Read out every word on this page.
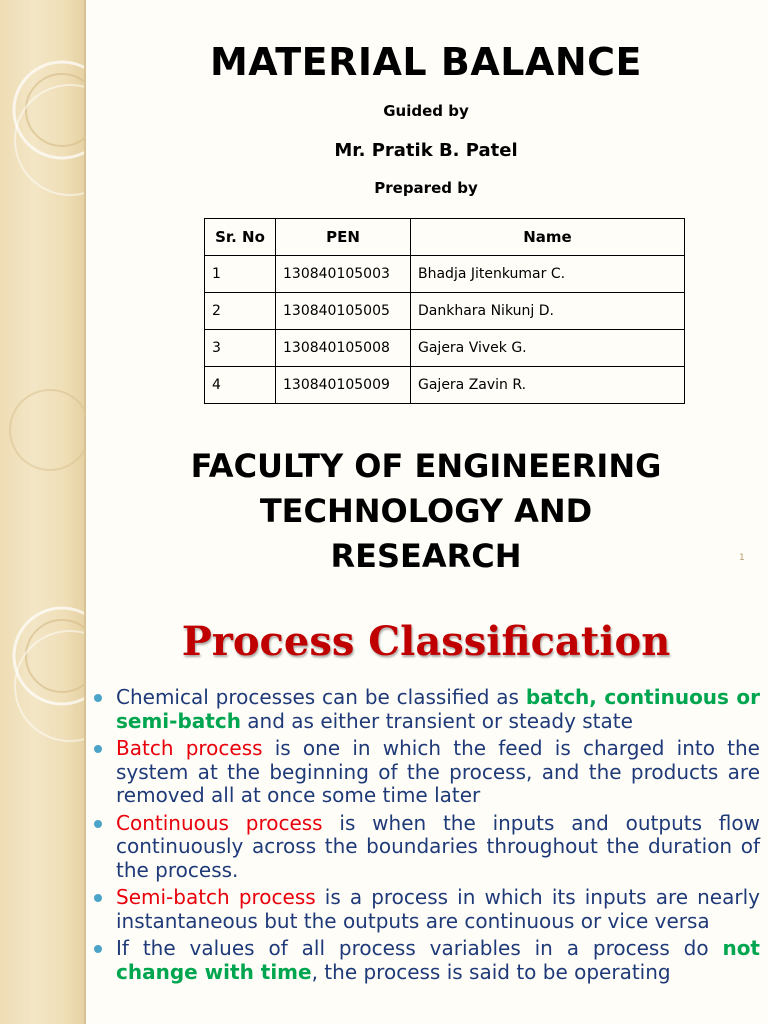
MATERIAL BALANCE
Guided by
Mr. Pratik B. Patel
Prepared by
Sr. No	PEN	Name
1	130840105003	Bhadja Jitenkumar C.
2	130840105005	Dankhara Nikunj D.
3	130840105008	Gajera Vivek G.
4	130840105009	Gajera Zavin R.
FACULTY OF ENGINEERING
TECHNOLOGY AND
RESEARCH	1
Process Classification
Chemical processes can be classified as batch, continuous or semi-batch and as either transient or steady state
Batch process is one in which the feed is charged into the system at the beginning of the process, and the products are removed all at once some time later
Continuous process is when the inputs and outputs flow continuously across the boundaries throughout the duration of the process.
Semi-batch process is a process in which its inputs are nearly instantaneous but the outputs are continuous or vice versa
If the values of all process variables in a process do not change with time, the process is said to be operating
